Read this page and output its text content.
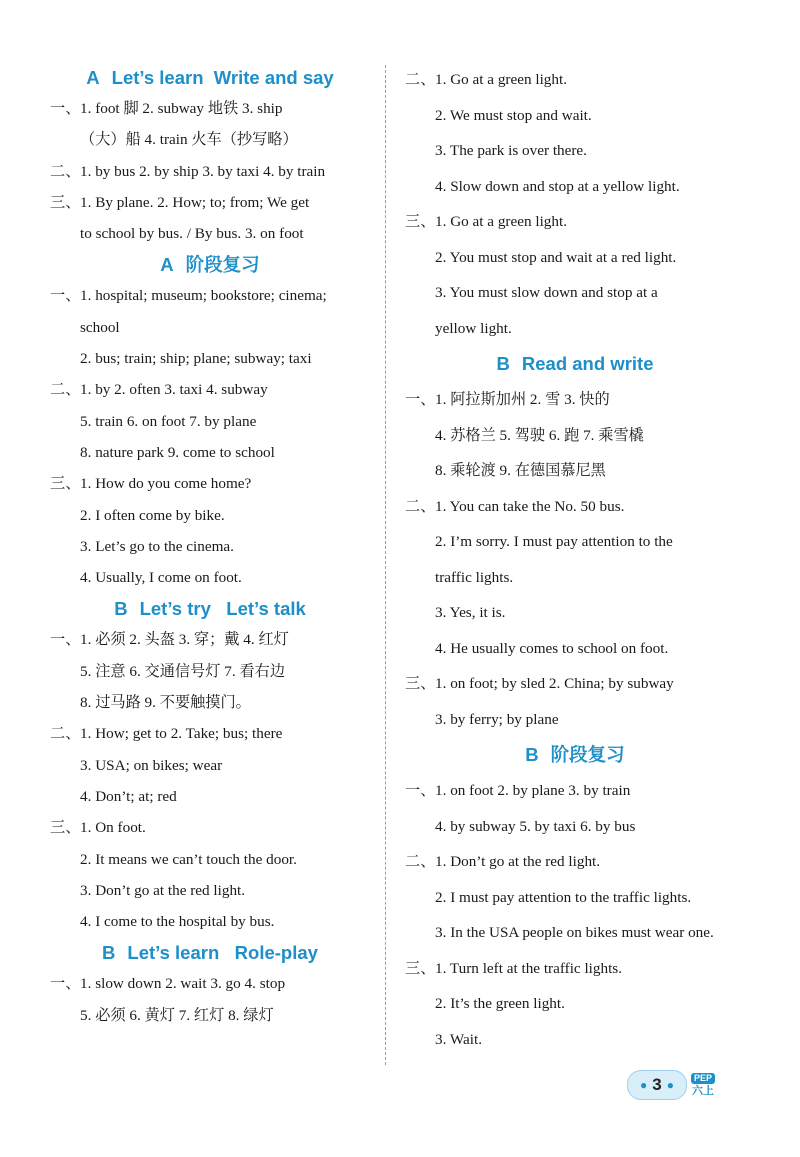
A Let’s learn  Write and say
一、1. foot 脚 2. subway 地铁 3. ship
（大）船 4. train 火车（抄写略）
二、1. by bus 2. by ship 3. by taxi 4. by train
三、1. By plane. 2. How; to; from; We get
to school by bus. / By bus. 3. on foot
A 阶段复习
一、1. hospital; museum; bookstore; cinema;
school
2. bus; train; ship; plane; subway; taxi
二、1. by 2. often 3. taxi 4. subway
5. train 6. on foot 7. by plane
8. nature park 9. come to school
三、1. How do you come home?
2. I often come by bike.
3. Let’s go to the cinema.
4. Usually, I come on foot.
B Let’s try   Let’s talk
一、1. 必须 2. 头盔 3. 穿；戴 4. 红灯
5. 注意 6. 交通信号灯 7. 看右边
8. 过马路 9. 不要触摸门。
二、1. How; get to 2. Take; bus; there
3. USA; on bikes; wear
4. Don’t; at; red
三、1. On foot.
2. It means we can’t touch the door.
3. Don’t go at the red light.
4. I come to the hospital by bus.
B Let’s learn   Role-play
一、1. slow down 2. wait 3. go 4. stop
5. 必须 6. 黄灯 7. 红灯 8. 绿灯
二、1. Go at a green light.
2. We must stop and wait.
3. The park is over there.
4. Slow down and stop at a yellow light.
三、1. Go at a green light.
2. You must stop and wait at a red light.
3. You must slow down and stop at a
yellow light.
B Read and write
一、1. 阿拉斯加州 2. 雪 3. 快的
4. 苏格兰 5. 驾驶 6. 跑 7. 乘雪橇
8. 乘轮渡 9. 在德国慕尼黑
二、1. You can take the No. 50 bus.
2. I’m sorry. I must pay attention to the
traffic lights.
3. Yes, it is.
4. He usually comes to school on foot.
三、1. on foot; by sled 2. China; by subway
3. by ferry; by plane
B 阶段复习
一、1. on foot 2. by plane 3. by train
4. by subway 5. by taxi 6. by bus
二、1. Don’t go at the red light.
2. I must pay attention to the traffic lights.
3. In the USA people on bikes must wear one.
三、1. Turn left at the traffic lights.
2. It’s the green light.
3. Wait.
● 3 ●	PEP
六上
